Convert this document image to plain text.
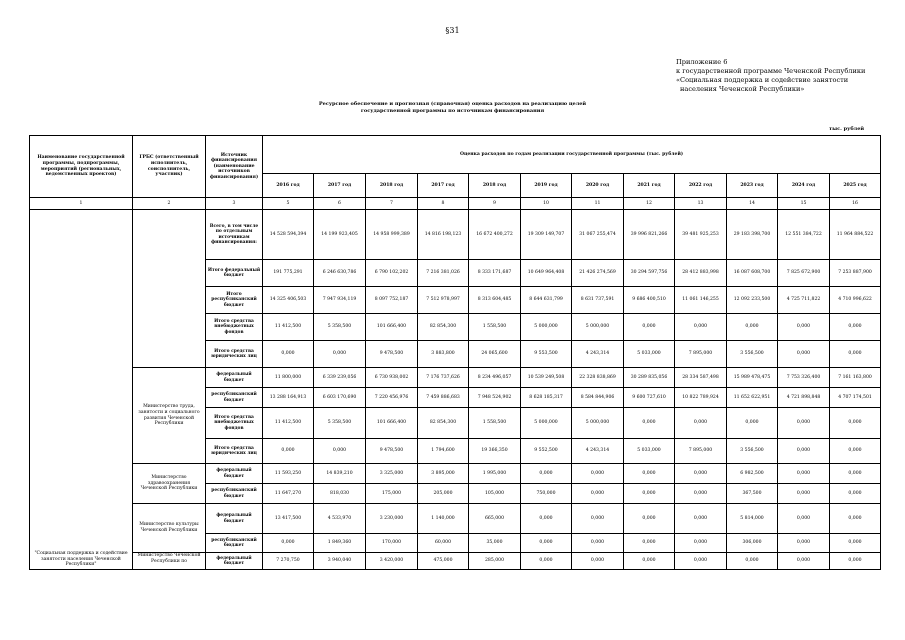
§31
Приложение 6
к государственной программе Чеченской Республики
«Социальная поддержка и содействие занятости
населения Чеченской Республики»
Ресурсное обеспечение и прогнозная (справочная) оценка расходов на реализацию целей
государственной программы по источникам финансирования
тыс. рублей
Наименование государственной программы, подпрограммы, мероприятий (региональных, ведомственных проектов)	ГРБС (ответственный исполнитель, соисполнитель, участник)	Источник финансирования (наименование источников финансирования)	Оценка расходов по годам реализации государственной программы (тыс. рублей)											
			2016 год	2017 год	2018 год	2017 год	2018 год	2019 год	2020 год	2021 год	2022 год	2023 год	2024 год	2025 год
1	2	3	5	6	7	8	9	10	11	12	13	14	15	16
"Социальная поддержка и содействие занятости населения Чеченской Республики"		Всего, в том числе по отдельным источникам финансирования:	14 528 594,394	14 199 923,405	14 958 999,389	14 816 198,123	16 672 400,272	19 309 149,707	31 067 255,474	39 996 821,266	39 481 925,253	29 183 398,700	12 551 384,722	11 964 884,522
		Итого федеральный бюджет	191 775,291	6 246 630,786	6 790 102,202	7 216 381,026	8 333 171,687	10 649 964,408	21 426 274,569	30 294 597,756	28 412 883,998	16 087 608,700	7 825 672,900	7 253 887,900
		Итого республиканский бюджет	14 325 406,503	7 947 934,119	8 097 752,187	7 512 978,997	8 313 604,485	8 644 631,799	8 631 737,591	9 686 400,510	11 061 146,255	12 092 233,500	4 725 711,822	4 710 996,622
		Итого средства внебюджетных фондов	11 412,500	5 358,500	101 666,400	82 854,300	1 558,500	5 000,000	5 000,000	0,000	0,000	0,000	0,000	0,000
		Итого средства юридических лиц	0,000	0,000	9 478,500	3 883,800	24 065,600	9 553,500	4 243,314	5 033,000	7 895,000	3 556,500	0,000	0,000
	Министерство труда, занятости и социального развития Чеченской Республики	федеральный бюджет	11 800,000	6 339 239,056	6 730 938,002	7 176 737,626	8 234 496,057	10 539 249,508	22 328 838,869	30 289 835,056	28 334 587,498	15 989 478,475	7 753 326,400	7 161 163,800
		республиканский бюджет	13 288 164,913	6 603 170,690	7 220 456,976	7 459 886,683	7 948 524,902	8 628 185,317	8 584 844,906	9 600 727,610	10 822 789,924	11 652 622,951	4 721 898,848	4 707 174,501
		Итого средства внебюджетных фондов	11 412,500	5 358,500	101 666,400	82 854,300	1 558,500	5 000,000	5 000,000	0,000	0,000	0,000	0,000	0,000
		Итого средства юридических лиц	0,000	0,000	9 478,500	1 794,600	19 366,350	9 552,500	4 243,314	5 033,000	7 895,000	3 556,500	0,000	0,000
	Министерство здравоохранения Чеченской Республики	федеральный бюджет	11 593,250	14 839,210	3 325,000	3 895,000	1 995,000	0,000	0,000	0,000	0,000	6 982,500	0,000	0,000
		республиканский бюджет	11 647,270	818,030	175,000	205,000	105,000	750,000	0,000	0,000	0,000	367,500	0,000	0,000
	Министерство культуры Чеченской Республики	федеральный бюджет	13 417,500	4 533,970	3 230,000	1 140,000	665,000	0,000	0,000	0,000	0,000	5 814,000	0,000	0,000
		республиканский бюджет	0,000	1 849,360	170,000	60,000	35,000	0,000	0,000	0,000	0,000	306,000	0,000	0,000
	Министерство Чеченской Республики по	федеральный бюджет	7 270,750	3 940,040	3 420,000	475,000	285,000	0,000	0,000	0,000	0,000	0,000	0,000	0,000
